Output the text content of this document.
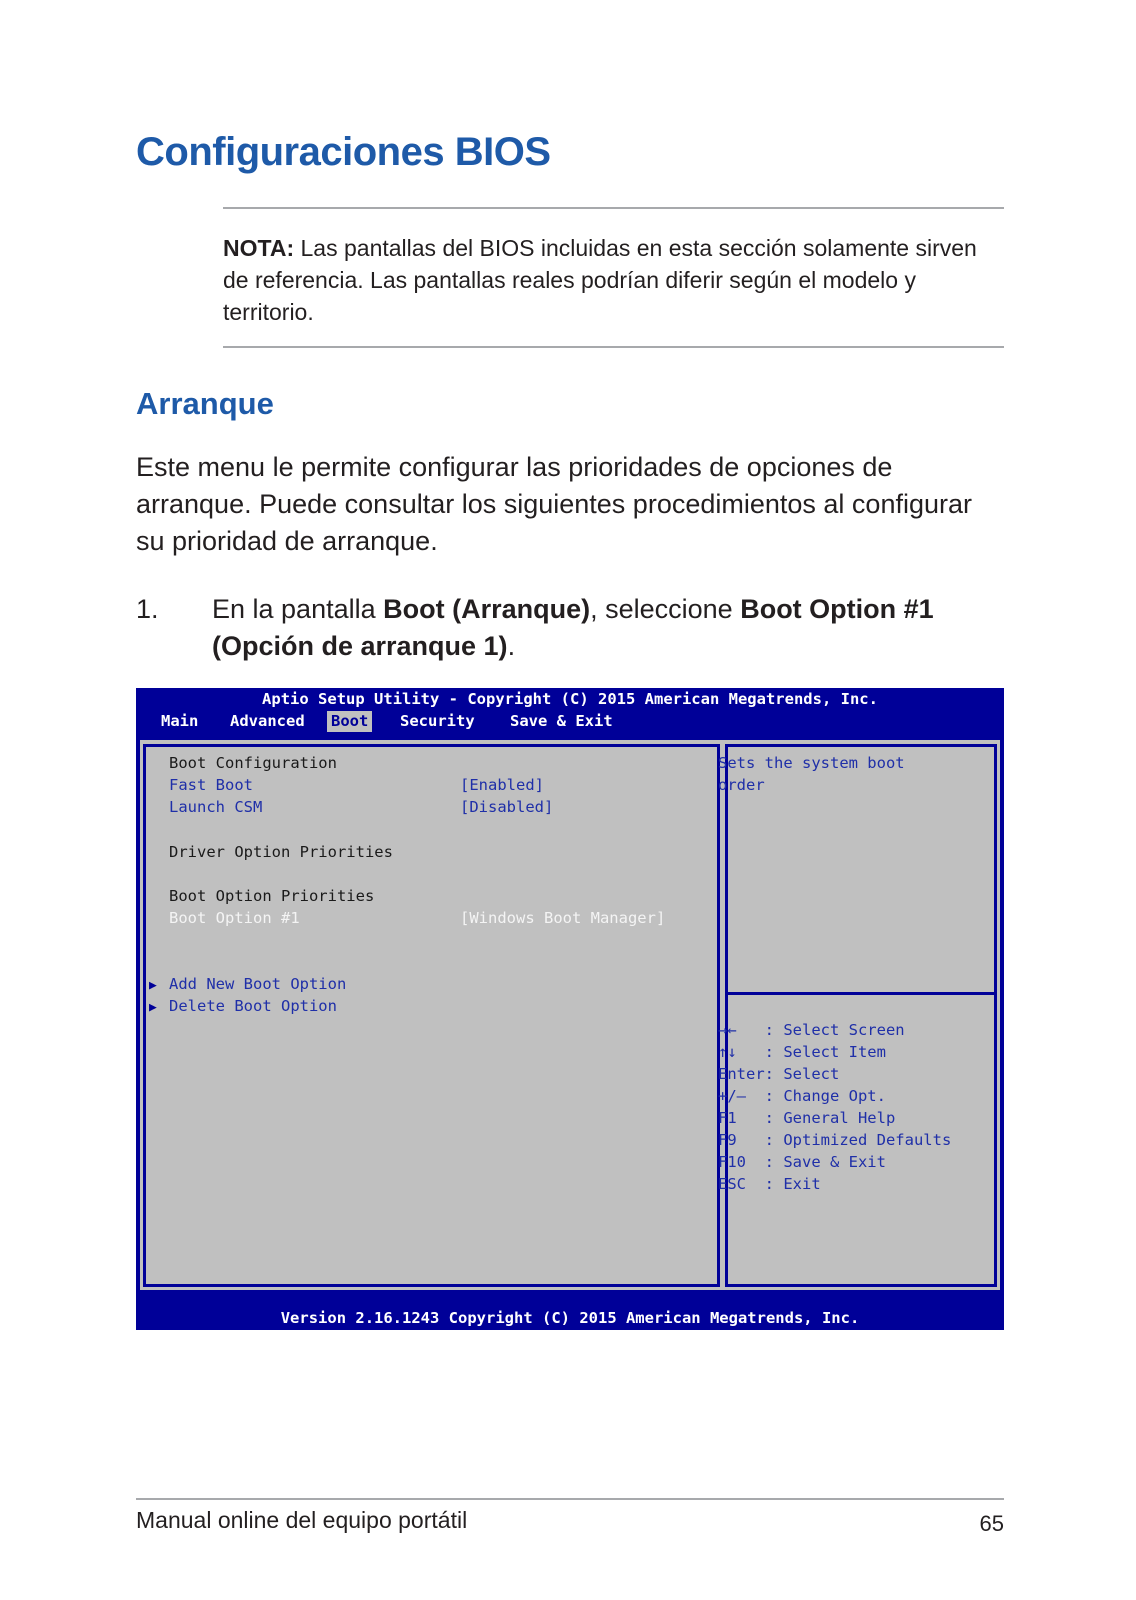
Configuraciones BIOS
NOTA: Las pantallas del BIOS incluidas en esta sección solamente sirven de referencia. Las pantallas reales podrían diferir según el modelo y territorio.
Arranque
Este menu le permite configurar las prioridades de opciones de arranque. Puede consultar los siguientes procedimientos al configurar su prioridad de arranque.
1. En la pantalla Boot (Arranque), seleccione Boot Option #1 (Opción de arranque 1).
Aptio Setup Utility - Copyright (C) 2015 American Megatrends, Inc.
Main Advanced Boot Security Save & Exit
Boot Configuration
Fast Boot	[Enabled]
Launch CSM	[Disabled]
Driver Option Priorities
Boot Option Priorities
Boot Option #1	[Windows Boot Manager]
▶ Add New Boot Option
▶ Delete Boot Option
Sets the system boot
order
→←   : Select Screen
↑↓   : Select Item
Enter: Select
+/—  : Change Opt.
F1   : General Help
F9   : Optimized Defaults
F10  : Save & Exit
ESC  : Exit
Version 2.16.1243 Copyright (C) 2015 American Megatrends, Inc.
Manual online del equipo portátil	65
